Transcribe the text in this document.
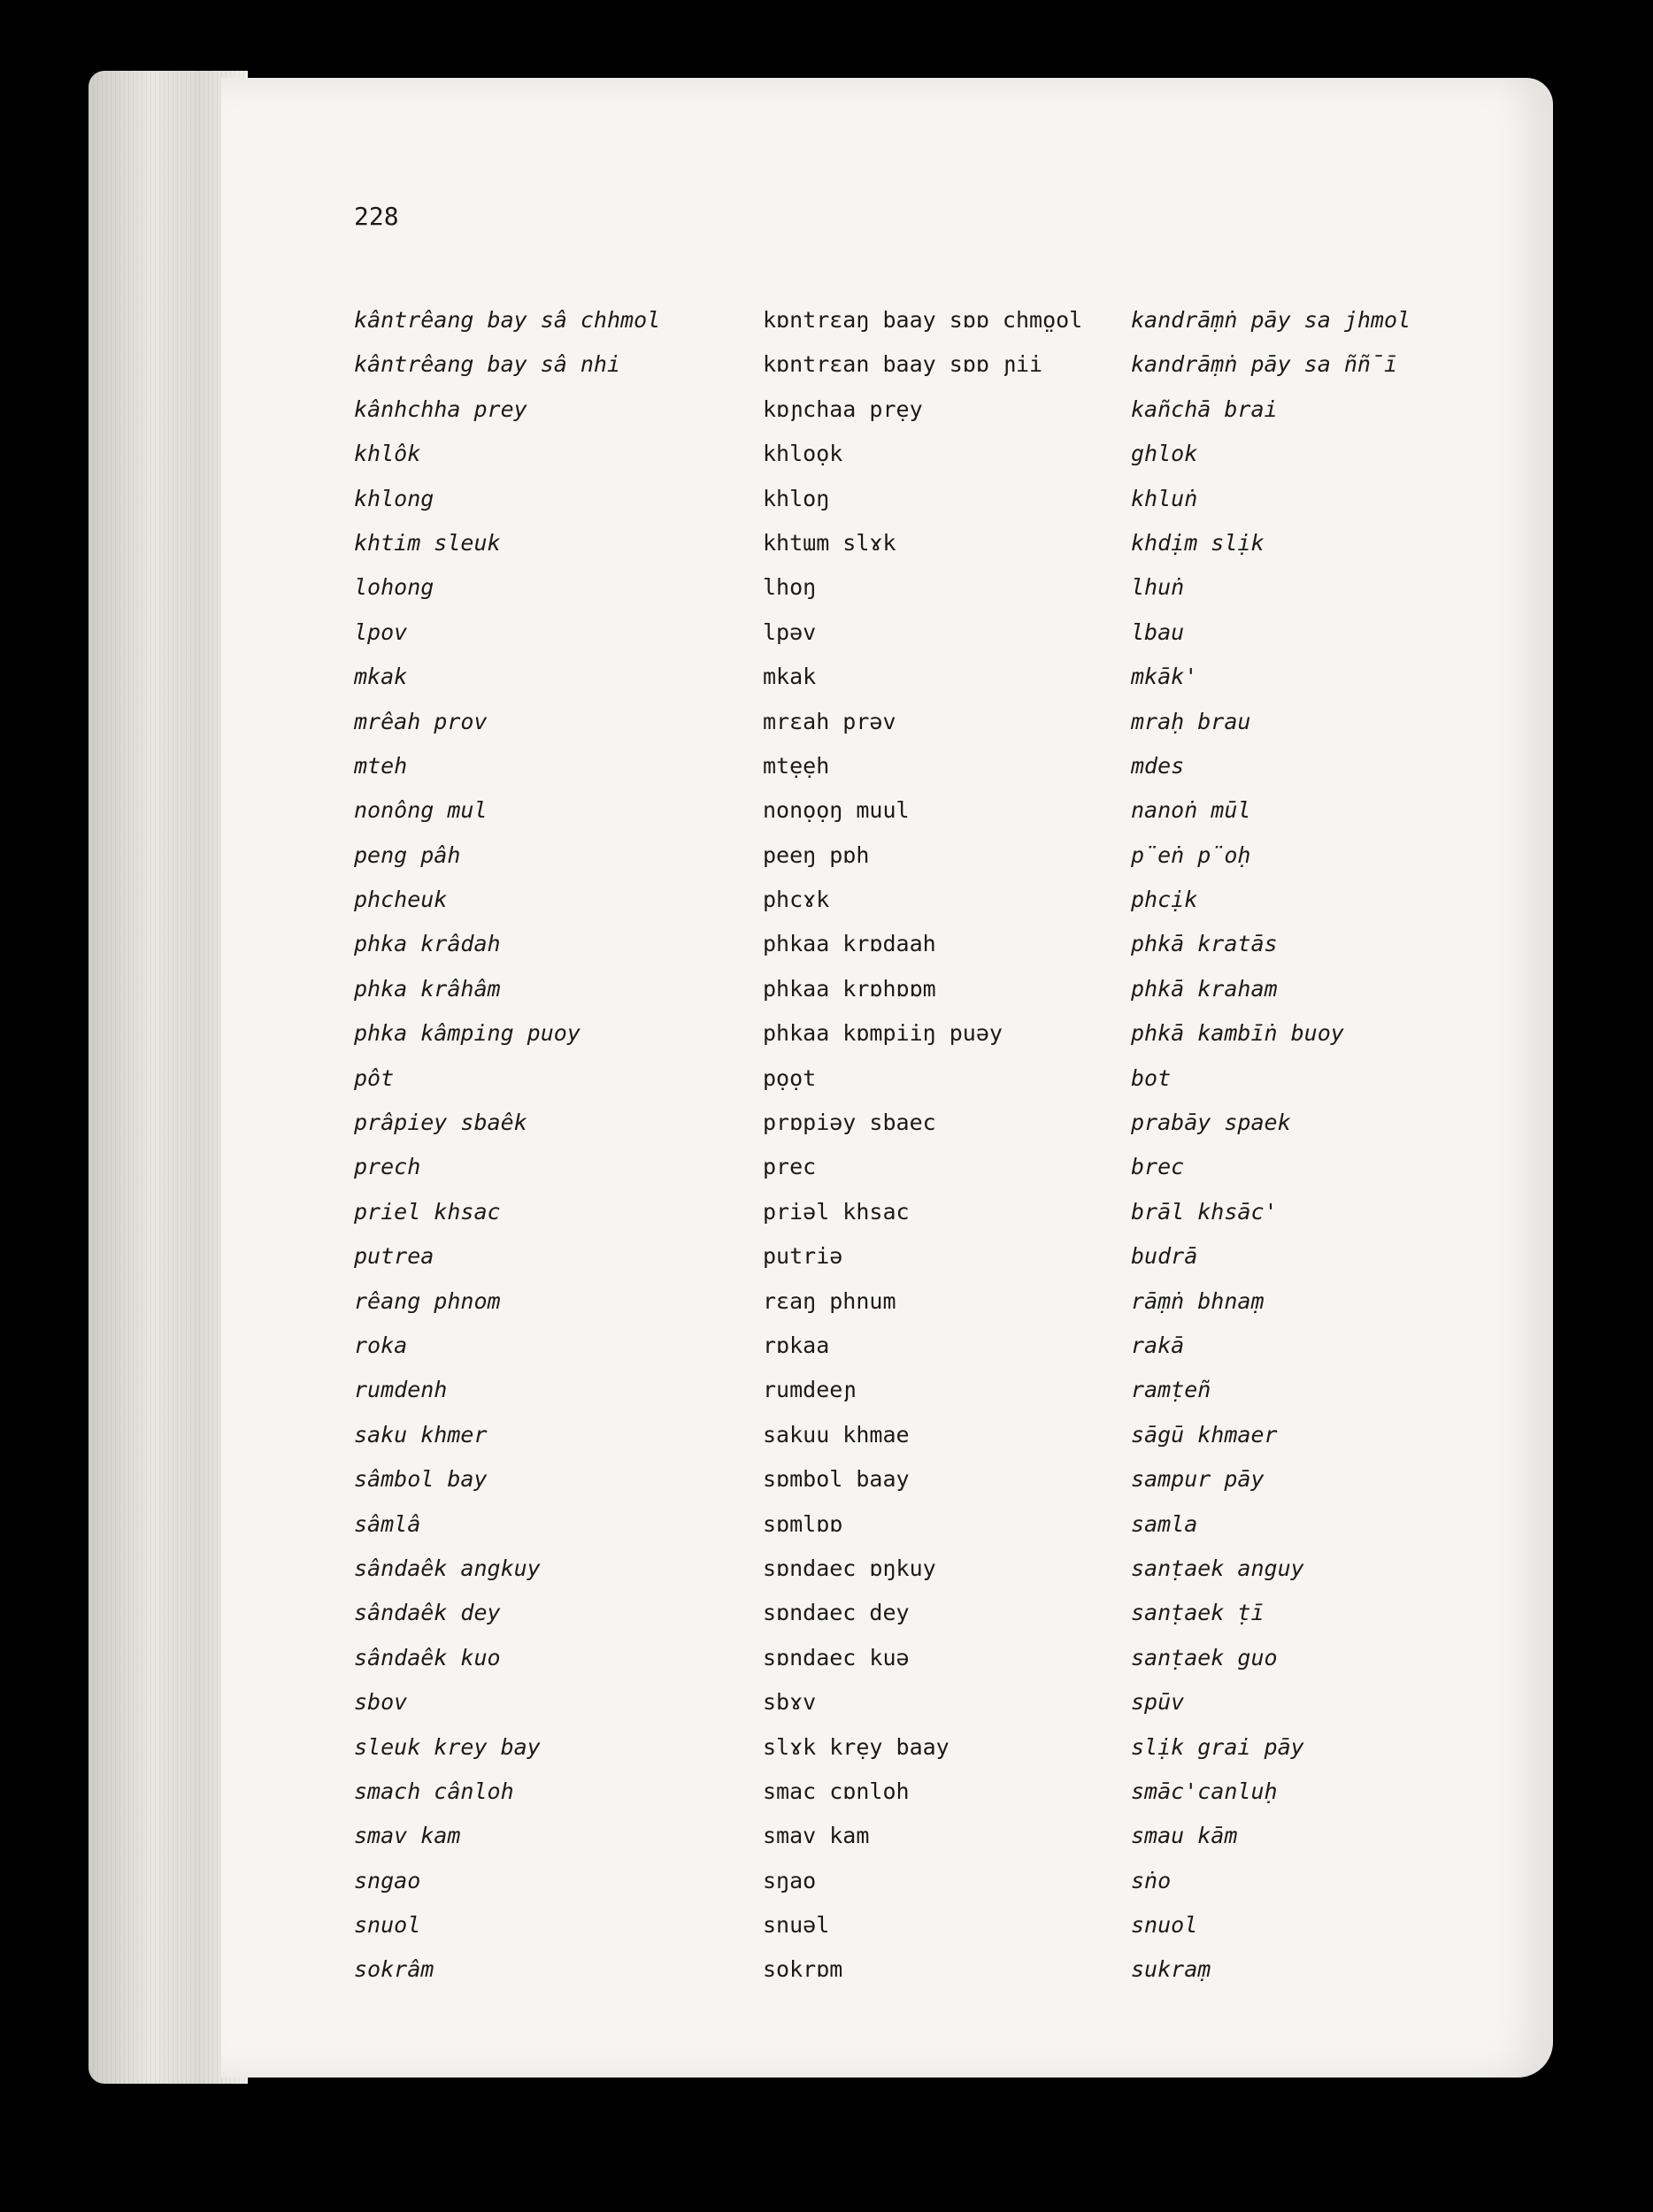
228

kântrêang bay sâ chhmol	kɒntrɛaŋ baay sɒɒ chmo̤ol	kandrāṃṅ pāy sa jhmol
kântrêang bay sâ nhi	kɒntrɛan baay sɒɒ ɲii	kandrāṃṅ pāy sa ññ̄ī
kânhchha prey	kɒɲchaa prẹy	kañchā brai
khlôk	khloọk	ghlok
khlong	khloŋ	khluṅ
khtim sleuk	khtɯm slɤk	khdịm slịk
lohong	lhoŋ	lhuṅ
lpov	lpəv	lbau
mkak	mkak	mkāk'
mrêah prov	mrɛah prəv	mraḥ brau
mteh	mtẹẹh	mdes
nonông mul	nonọọŋ muul	nanoṅ mūl
peng pâh	peeŋ pɒh	p̈eṅ p̈oḥ
phcheuk	phcɤk	phcịk
phka krâdah	phkaa krɒdaah	phkā kratās
phka krâhâm	phkaa krɒhɒɒm	phkā kraham
phka kâmping puoy	phkaa kɒmpiiŋ puəy	phkā kambīṅ buoy
pôt	pọọt	bot
prâpiey sbaêk	prɒpiəy sbaec	prabāy spaek
prech	prec	brec
priel khsac	priəl khsac	brāl khsāc'
putrea	putriə	budrā
rêang phnom	rɛaŋ phnum	rāṃṅ bhnaṃ
roka	rɒkaa	rakā
rumdenh	rumdeeɲ	ramṭeñ
saku khmer	sakuu khmae	sāgū khmaer
sâmbol bay	sɒmbol baay	sampur pāy
sâmlâ	sɒmlɒɒ	samla
sândaêk angkuy	sɒndaec ɒŋkuy	sanṭaek anguy
sândaêk dey	sɒndaec dey	sanṭaek ṭī
sândaêk kuo	sɒndaec kuə	sanṭaek guo
sbov	sbɤv	spūv
sleuk krey bay	slɤk krẹy baay	slịk grai pāy
smach cânloh	smac cɒnloh	smāc'canluḥ
smav kam	smav kam	smau kām
sngao	sŋao	sṅo
snuol	snuəl	snuol
sokrâm	sokrɒm	sukraṃ
